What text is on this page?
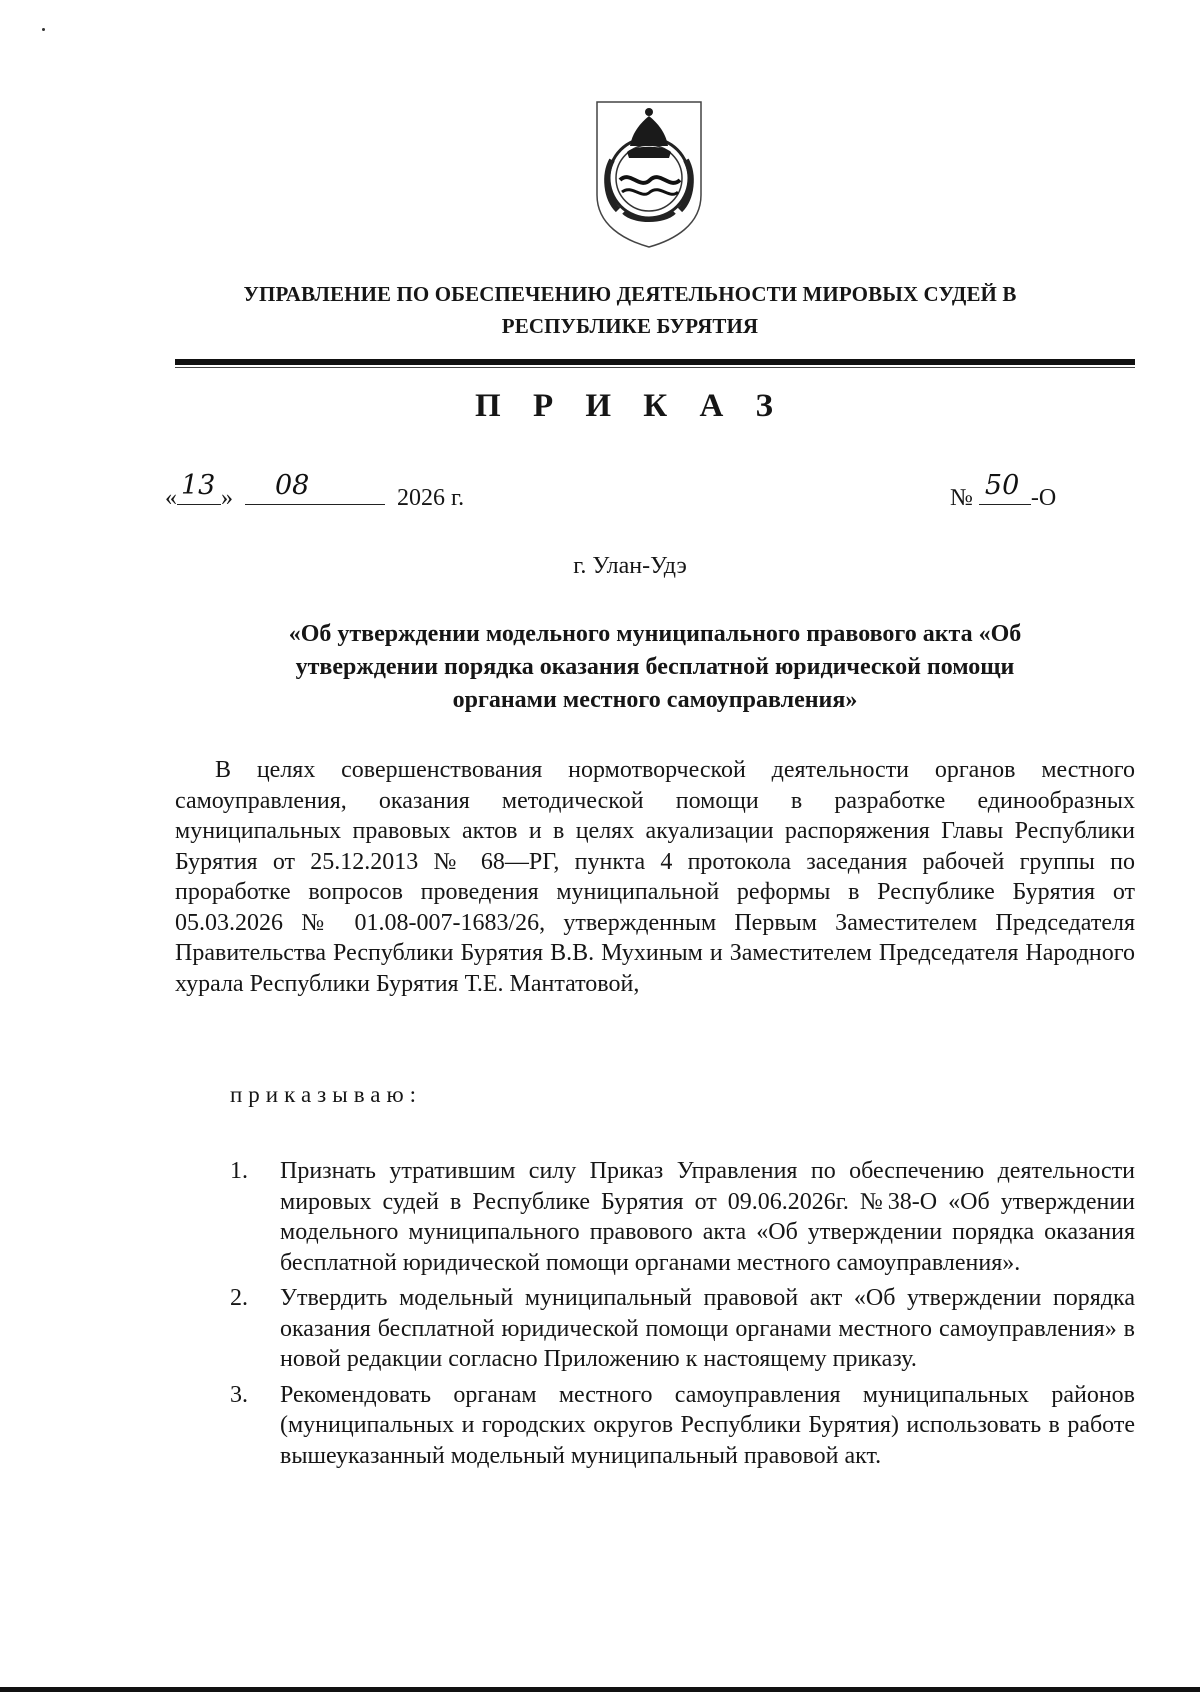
УПРАВЛЕНИЕ ПО ОБЕСПЕЧЕНИЮ ДЕЯТЕЛЬНОСТИ МИРОВЫХ СУДЕЙ В
РЕСПУБЛИКЕ БУРЯТИЯ
П Р И К А З
« 13 » 08	2026 г.	№ 50 -О
г. Улан-Удэ
«Об утверждении модельного муниципального правового акта «Об
утверждении порядка оказания бесплатной юридической помощи
органами местного самоуправления»
В целях совершенствования нормотворческой деятельности органов местного самоуправления, оказания методической помощи в разработке единообразных муниципальных правовых актов и в целях акуализации распоряжения Главы Республики Бурятия от 25.12.2013 № 68—РГ, пункта 4 протокола заседания рабочей группы по проработке вопросов проведения муниципальной реформы в Республике Бурятия от 05.03.2026 № 01.08-007-1683/26, утвержденным Первым Заместителем Председателя Правительства Республики Бурятия В.В. Мухиным и Заместителем Председателя Народного хурала Республики Бурятия Т.Е. Мантатовой,
приказываю:
1. Признать утратившим силу Приказ Управления по обеспечению деятельности мировых судей в Республике Бурятия от 09.06.2026г. №38-О «Об утверждении модельного муниципального правового акта «Об утверждении порядка оказания бесплатной юридической помощи органами местного самоуправления».
2. Утвердить модельный муниципальный правовой акт «Об утверждении порядка оказания бесплатной юридической помощи органами местного самоуправления» в новой редакции согласно Приложению к настоящему приказу.
3. Рекомендовать органам местного самоуправления муниципальных районов (муниципальных и городских округов Республики Бурятия) использовать в работе вышеуказанный модельный муниципальный правовой акт.
